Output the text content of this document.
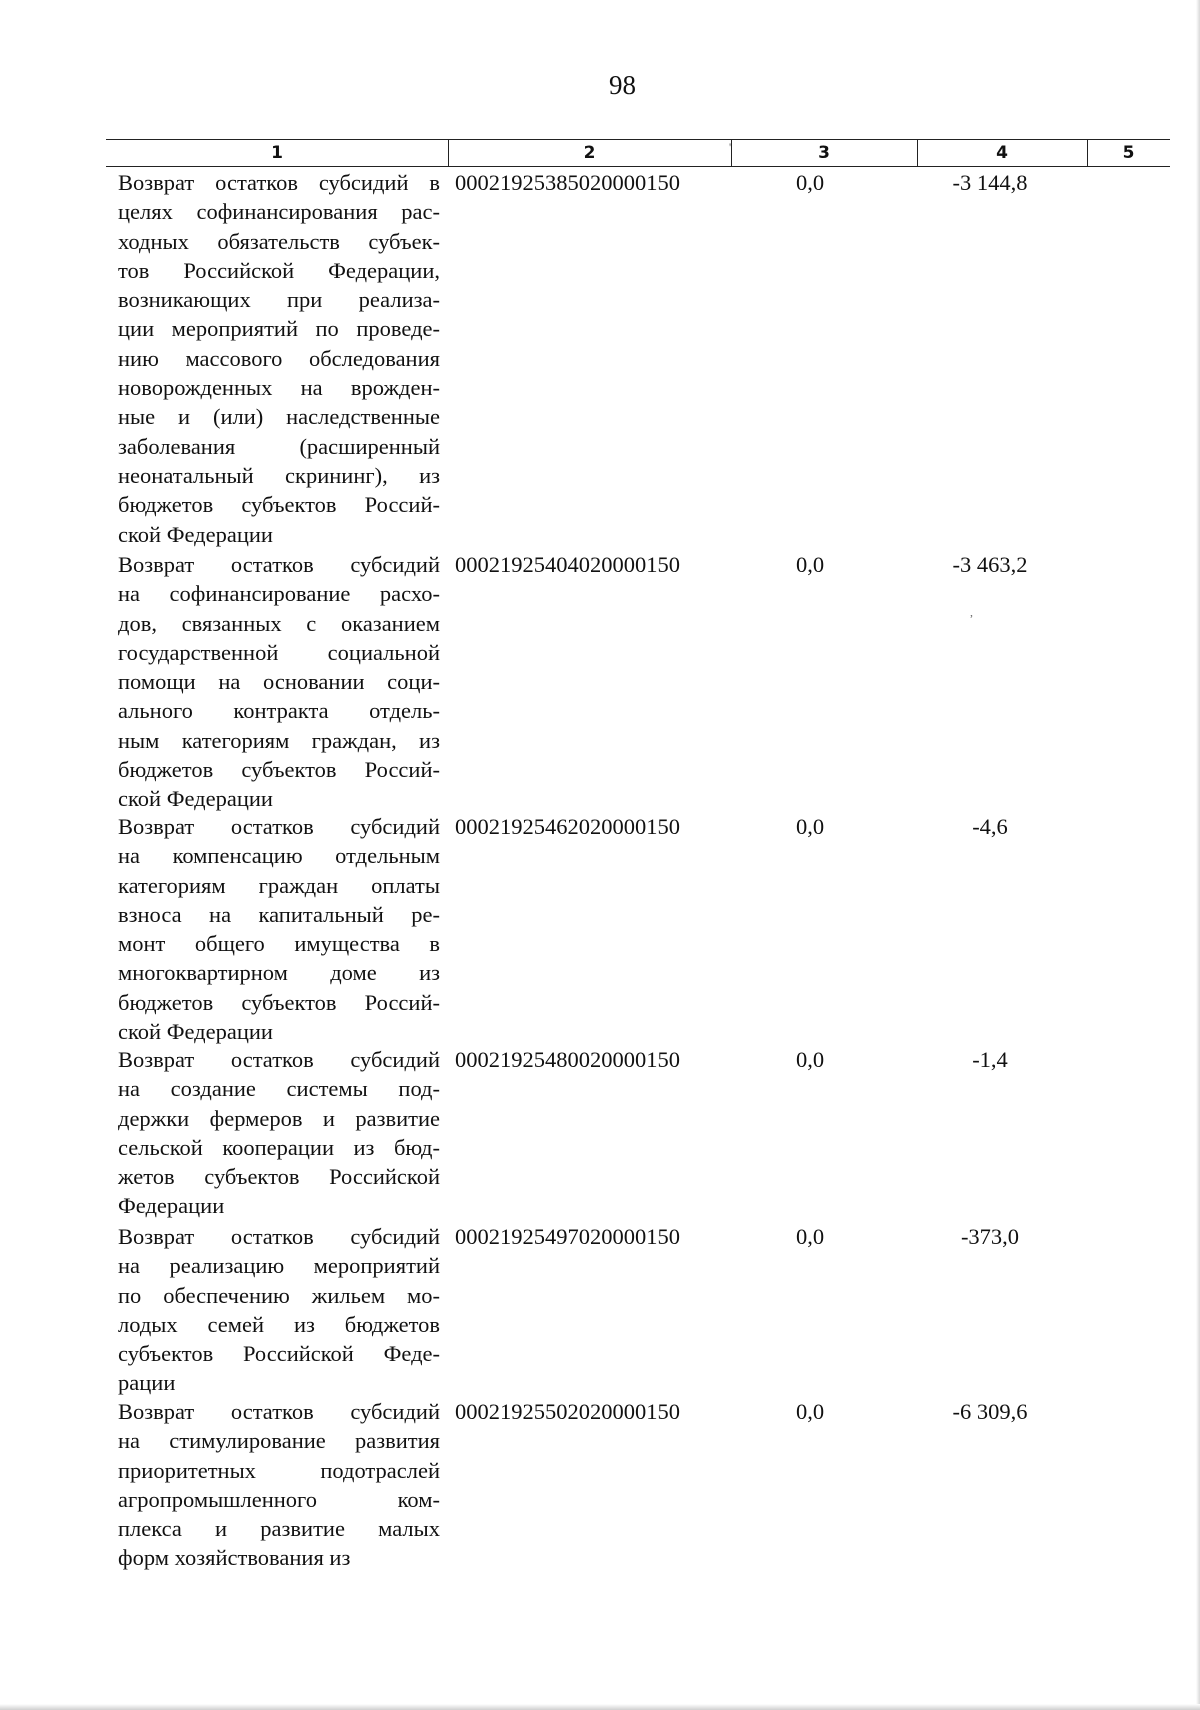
98
1	2	3	4	5
Возврат остатков субсидий в
целях софинансирования рас-
ходных обязательств субъек-
тов Российской Федерации,
возникающих при реализа-
ции мероприятий по проведе-
нию массового обследования
новорожденных на врожден-
ные и (или) наследственные
заболевания (расширенный
неонатальный скрининг), из
бюджетов субъектов Россий-
ской Федерации
00021925385020000150	0,0	-3 144,8
Возврат остатков субсидий
на софинансирование расхо-
дов, связанных с оказанием
государственной социальной
помощи на основании соци-
ального контракта отдель-
ным категориям граждан, из
бюджетов субъектов Россий-
ской Федерации
00021925404020000150	0,0	-3 463,2
Возврат остатков субсидий
на компенсацию отдельным
категориям граждан оплаты
взноса на капитальный ре-
монт общего имущества в
многоквартирном доме из
бюджетов субъектов Россий-
ской Федерации
00021925462020000150	0,0	-4,6
Возврат остатков субсидий
на создание системы под-
держки фермеров и развитие
сельской кооперации из бюд-
жетов субъектов Российской
Федерации
00021925480020000150	0,0	-1,4
Возврат остатков субсидий
на реализацию мероприятий
по обеспечению жильем мо-
лодых семей из бюджетов
субъектов Российской Феде-
рации
00021925497020000150	0,0	-373,0
Возврат остатков субсидий
на стимулирование развития
приоритетных подотраслей
агропромышленного ком-
плекса и развитие малых
форм хозяйствования из
00021925502020000150	0,0	-6 309,6
'
,
